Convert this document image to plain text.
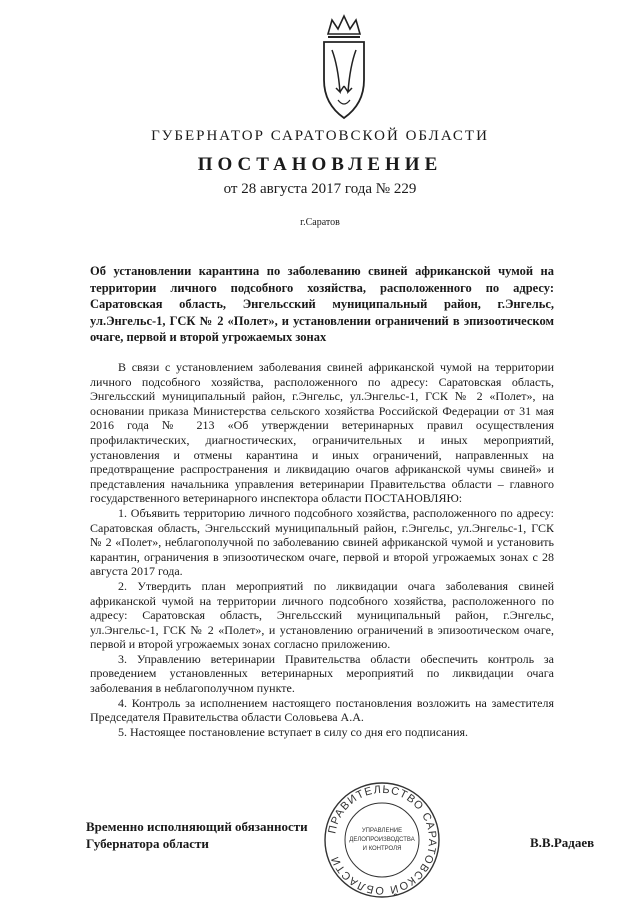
ГУБЕРНАТОР САРАТОВСКОЙ ОБЛАСТИ
ПОСТАНОВЛЕНИЕ
от 28 августа 2017 года № 229
г.Саратов
Об установлении карантина по заболеванию свиней африканской чумой на территории личного подсобного хозяйства, расположенного по адресу: Саратовская область, Энгельсский муниципальный район, г.Энгельс, ул.Энгельс-1, ГСК № 2 «Полет», и установлении ограничений в эпизоотическом очаге, первой и второй угрожаемых зонах

В связи с установлением заболевания свиней африканской чумой на территории личного подсобного хозяйства, расположенного по адресу: Саратовская область, Энгельсский муниципальный район, г.Энгельс, ул.Энгельс-1, ГСК № 2 «Полет», на основании приказа Министерства сельского хозяйства Российской Федерации от 31 мая 2016 года № 213 «Об утверждении ветеринарных правил осуществления профилактических, диагностических, ограничительных и иных мероприятий, установления и отмены карантина и иных ограничений, направленных на предотвращение распространения и ликвидацию очагов африканской чумы свиней» и представления начальника управления ветеринарии Правительства области – главного государственного ветеринарного инспектора области ПОСТАНОВЛЯЮ:

1. Объявить территорию личного подсобного хозяйства, расположенного по адресу: Саратовская область, Энгельсский муниципальный район, г.Энгельс, ул.Энгельс-1, ГСК № 2 «Полет», неблагополучной по заболеванию свиней африканской чумой и установить карантин, ограничения в эпизоотическом очаге, первой и второй угрожаемых зонах с 28 августа 2017 года.

2. Утвердить план мероприятий по ликвидации очага заболевания свиней африканской чумой на территории личного подсобного хозяйства, расположенного по адресу: Саратовская область, Энгельсский муниципальный район, г.Энгельс, ул.Энгельс-1, ГСК № 2 «Полет», и установлению ограничений в эпизоотическом очаге, первой и второй угрожаемых зонах согласно приложению.

3. Управлению ветеринарии Правительства области обеспечить контроль за проведением установленных ветеринарных мероприятий по ликвидации очага заболевания в неблагополучном пункте.

4. Контроль за исполнением настоящего постановления возложить на заместителя Председателя Правительства области Соловьева А.А.

5. Настоящее постановление вступает в силу со дня его подписания.

Временно исполняющий обязанности
Губернатора области	В.В.Радаев
ПРАВИТЕЛЬСТВО САРАТОВСКОЙ ОБЛАСТИ
УПРАВЛЕНИЕ
ДЕЛОПРОИЗВОДСТВА
И КОНТРОЛЯ
